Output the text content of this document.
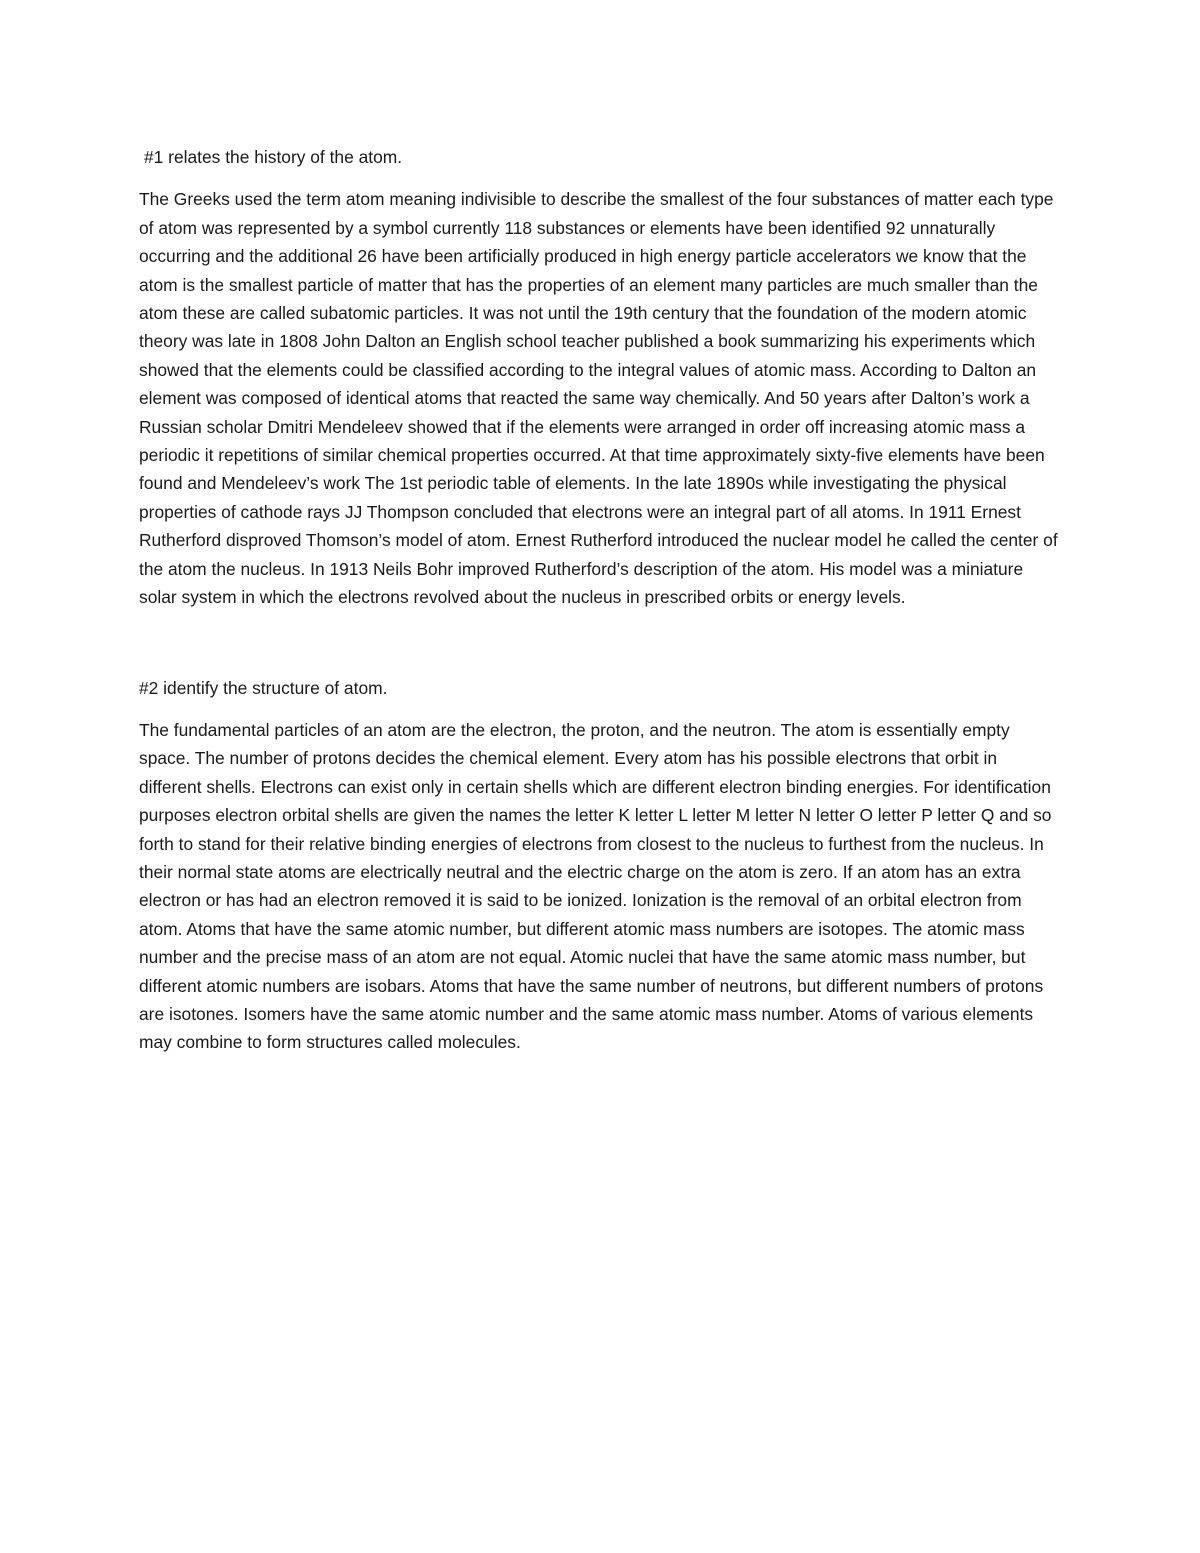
#1 relates the history of the atom.

The Greeks used the term atom meaning indivisible to describe the smallest of the four substances of matter each type of atom was represented by a symbol currently 118 substances or elements have been identified 92 unnaturally occurring and the additional 26 have been artificially produced in high energy particle accelerators we know that the atom is the smallest particle of matter that has the properties of an element many particles are much smaller than the atom these are called subatomic particles. It was not until the 19th century that the foundation of the modern atomic theory was late in 1808 John Dalton an English school teacher published a book summarizing his experiments which showed that the elements could be classified according to the integral values of atomic mass. According to Dalton an element was composed of identical atoms that reacted the same way chemically. And 50 years after Dalton’s work a Russian scholar Dmitri Mendeleev showed that if the elements were arranged in order off increasing atomic mass a periodic it repetitions of similar chemical properties occurred. At that time approximately sixty-five elements have been found and Mendeleev’s work The 1st periodic table of elements. In the late 1890s while investigating the physical properties of cathode rays JJ Thompson concluded that electrons were an integral part of all atoms. In 1911 Ernest Rutherford disproved Thomson’s model of atom. Ernest Rutherford introduced the nuclear model he called the center of the atom the nucleus. In 1913 Neils Bohr improved Rutherford’s description of the atom. His model was a miniature solar system in which the electrons revolved about the nucleus in prescribed orbits or energy levels.

#2 identify the structure of atom.

The fundamental particles of an atom are the electron, the proton, and the neutron. The atom is essentially empty space. The number of protons decides the chemical element. Every atom has his possible electrons that orbit in different shells. Electrons can exist only in certain shells which are different electron binding energies. For identification purposes electron orbital shells are given the names the letter K letter L letter M letter N letter O letter P letter Q and so forth to stand for their relative binding energies of electrons from closest to the nucleus to furthest from the nucleus. In their normal state atoms are electrically neutral and the electric charge on the atom is zero. If an atom has an extra electron or has had an electron removed it is said to be ionized. Ionization is the removal of an orbital electron from atom. Atoms that have the same atomic number, but different atomic mass numbers are isotopes. The atomic mass number and the precise mass of an atom are not equal. Atomic nuclei that have the same atomic mass number, but different atomic numbers are isobars. Atoms that have the same number of neutrons, but different numbers of protons are isotones. Isomers have the same atomic number and the same atomic mass number. Atoms of various elements may combine to form structures called molecules.
